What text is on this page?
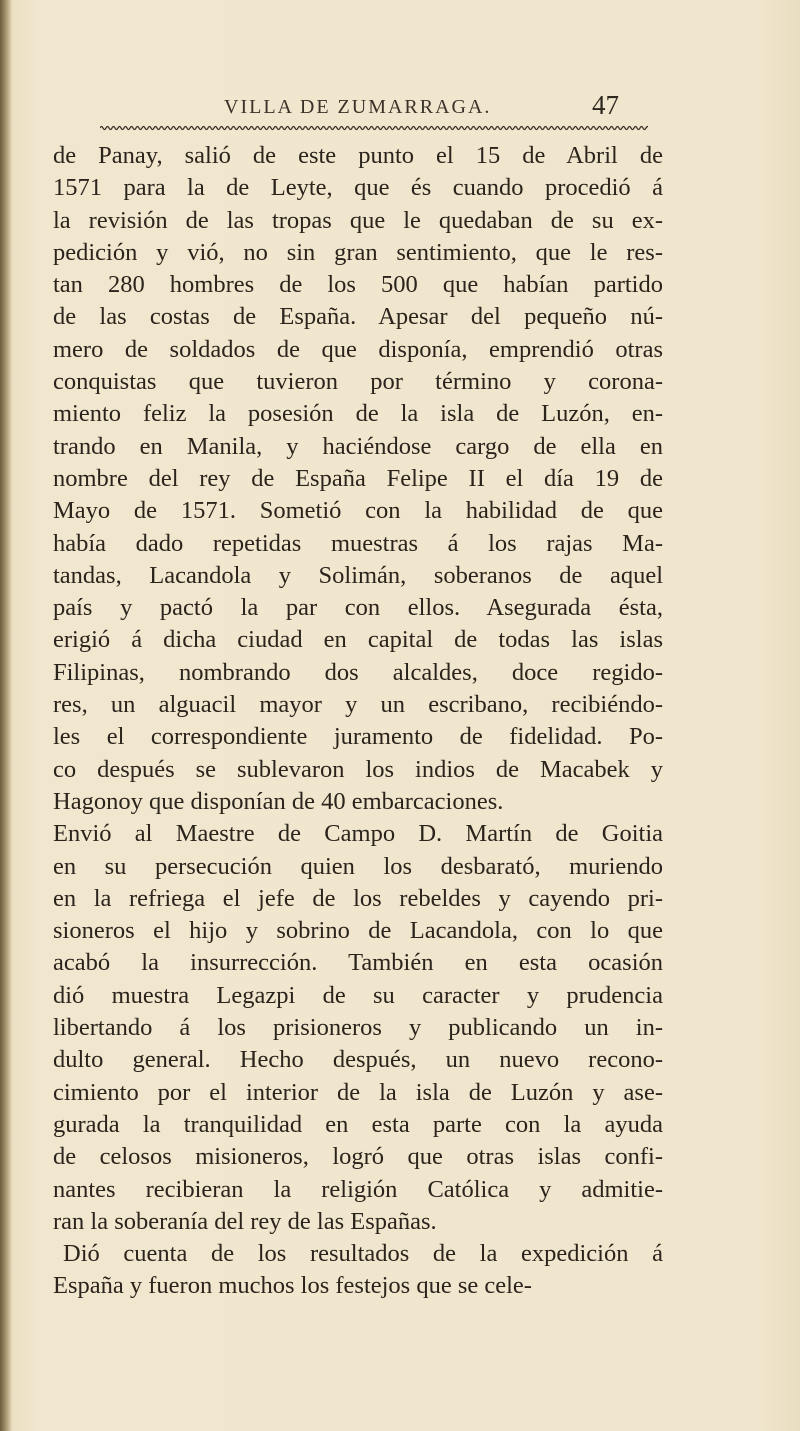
VILLA DE ZUMARRAGA.	47
de Panay, salió de este punto el 15 de Abril de
1571 para la de Leyte, que és cuando procedió á
la revisión de las tropas que le quedaban de su ex-
pedición y vió, no sin gran sentimiento, que le res-
tan 280 hombres de los 500 que habían partido
de las costas de España. Apesar del pequeño nú-
mero de soldados de que disponía, emprendió otras
conquistas que tuvieron por término y corona-
miento feliz la posesión de la isla de Luzón, en-
trando en Manila, y haciéndose cargo de ella en
nombre del rey de España Felipe II el día 19 de
Mayo de 1571. Sometió con la habilidad de que
había dado repetidas muestras á los rajas Ma-
tandas, Lacandola y Solimán, soberanos de aquel
país y pactó la par con ellos. Asegurada ésta,
erigió á dicha ciudad en capital de todas las islas
Filipinas, nombrando dos alcaldes, doce regido-
res, un alguacil mayor y un escribano, recibiéndo-
les el correspondiente juramento de fidelidad. Po-
co después se sublevaron los indios de Macabek y
Hagonoy que disponían de 40 embarcaciones.
Envió al Maestre de Campo D. Martín de Goitia
en su persecución quien los desbarató, muriendo
en la refriega el jefe de los rebeldes y cayendo pri-
sioneros el hijo y sobrino de Lacandola, con lo que
acabó la insurrección. También en esta ocasión
dió muestra Legazpi de su caracter y prudencia
libertando á los prisioneros y publicando un in-
dulto general. Hecho después, un nuevo recono-
cimiento por el interior de la isla de Luzón y ase-
gurada la tranquilidad en esta parte con la ayuda
de celosos misioneros, logró que otras islas confi-
nantes recibieran la religión Católica y admitie-
ran la soberanía del rey de las Españas.
Dió cuenta de los resultados de la expedición á
España y fueron muchos los festejos que se cele-
